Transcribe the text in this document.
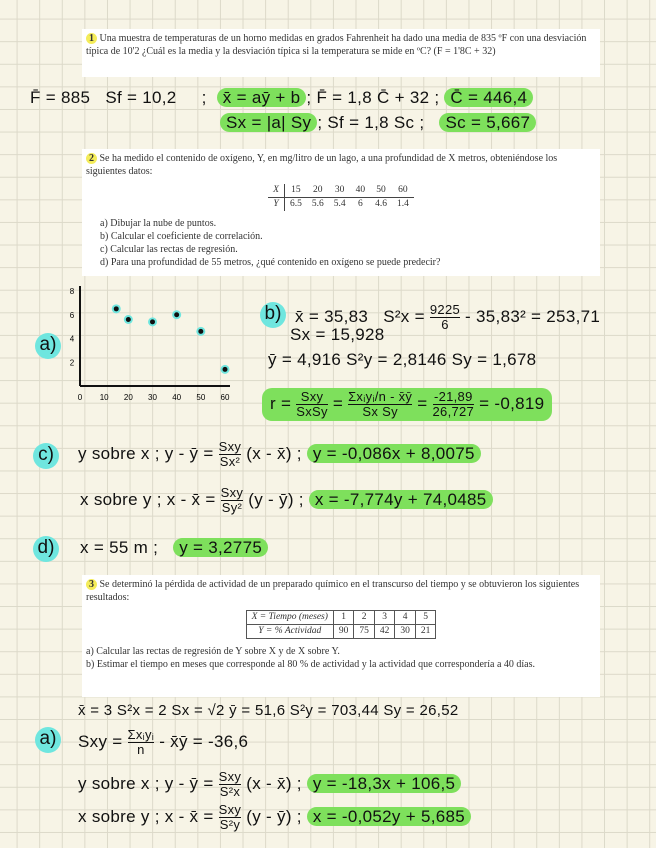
1 Una muestra de temperaturas de un horno medidas en grados Fahrenheit ha dado una media de 835 ºF con una desviación típica de 10'2 ¿Cuál es la media y la desviación típica si la temperatura se mide en ºC? (F = 1'8C + 32)
F̄ = 885 Sf = 10,2 ; x̄ = aȳ + b ; F̄ = 1,8 C̄ + 32 ; C̄ = 446,4
Sx = |a| Sy ; Sf = 1,8 Sc ; Sc = 5,667
2 Se ha medido el contenido de oxígeno, Y, en mg/litro de un lago, a una profundidad de X metros, obteniéndose los siguientes datos:
X	15	20	30	40	50	60
Y	6.5	5.6	5.4	6	4.6	1.4
a) Dibujar la nube de puntos.
b) Calcular el coeficiente de correlación.
c) Calcular las rectas de regresión.
d) Para una profundidad de 55 metros, ¿qué contenido en oxígeno se puede predecir?
a)
0 10 20 30 40 50 60
2
4
6
8
b) x̄ = 35,83 $S^2x = \frac{9225}{6} - 35,83^2 = 253,71$
Sx = 15,928
ȳ = 4,916 S²y = 2,8146 Sy = 1,678
$r = \frac{\text{Sxy}}{\text{SxSy}} = \frac{\text{Σxᵢyᵢ/n - x̄ȳ}}{\text{Sx Sy}} = \frac{-21,89}{26,727} = -0,819$
c) y sobre x ; y - ȳ = $\frac{\text{Sxy}}{\text{Sx²}} (x$ - x̄) ; y = -0,086x + 8,0075
x sobre y ; x - x̄ = $\frac{\text{Sxy}}{\text{Sy²}} (y$ - ȳ) ; x = -7,774y + 74,0485
d) x = 55 m ; y = 3,2775
3 Se determinó la pérdida de actividad de un preparado químico en el transcurso del tiempo y se obtuvieron los siguientes resultados:
X = Tiempo (meses)	1	2	3	4	5
Y = % Actividad	90	75	42	30	21
a) Calcular las rectas de regresión de Y sobre X y de X sobre Y.
b) Estimar el tiempo en meses que corresponde al 80 % de actividad y la actividad que correspondería a 40 días.
x̄ = 3 S²x = 2 Sx = √2 ȳ = 51,6 S²y = 703,44 Sy = 26,52
a) Sxy = $\frac{\text{Σxᵢyᵢ}}{n}$ - x̄ȳ = -36,6
y sobre x ; y - ȳ = $\frac{\text{Sxy}}{\text{S²x}} (x$ - x̄) ; y = -18,3x + 106,5
x sobre y ; x - x̄ = $\frac{\text{Sxy}}{\text{S²y}} (y$ - ȳ) ; x = -0,052y + 5,685
